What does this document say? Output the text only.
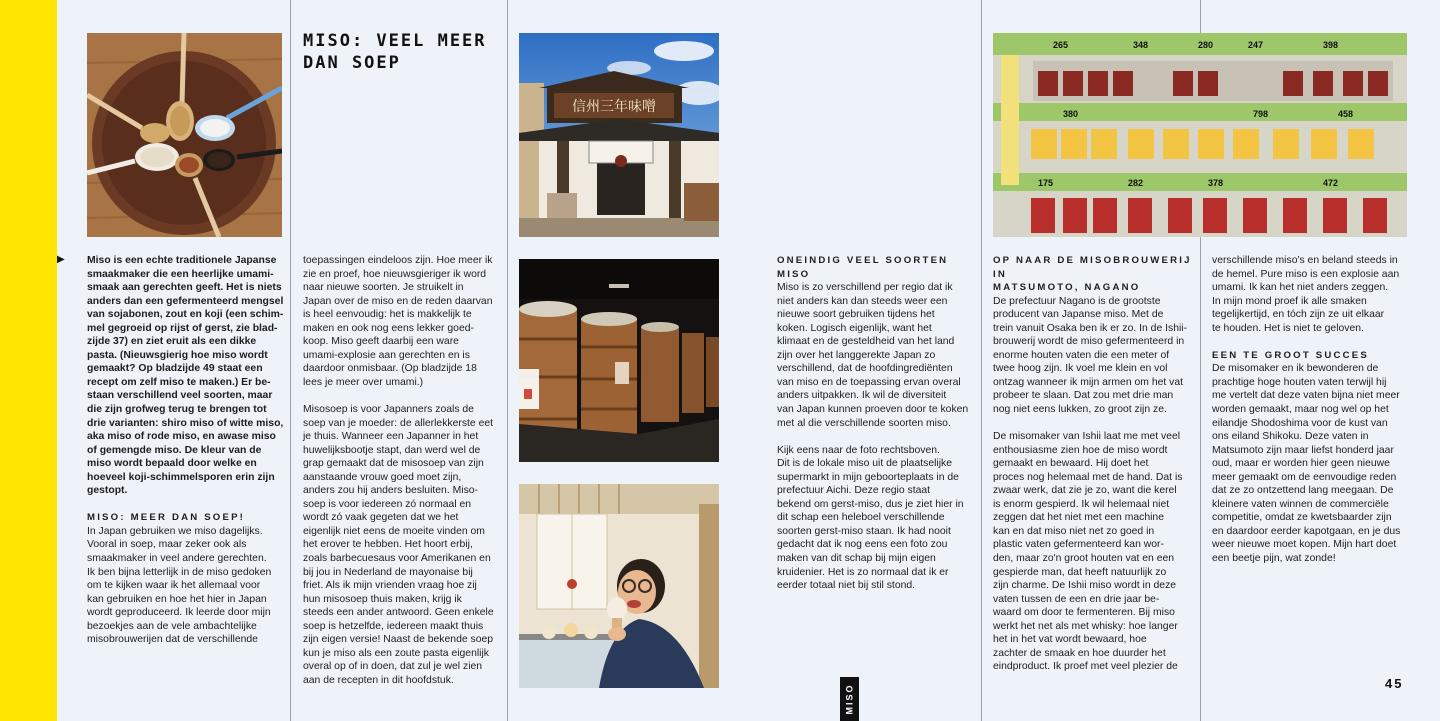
信州三年味噌
265	348	280	247	398
380	798	458
175	282	378	472
MISO: VEEL MEER
DAN SOEP
▶ Miso is een echte traditionele Japanse
smaakmaker die een heerlijke umami-
smaak aan gerechten geeft. Het is niets
anders dan een gefermenteerd mengsel
van sojabonen, zout en koji (een schim-
mel gegroeid op rijst of gerst, zie blad-
zijde 37) en ziet eruit als een dikke
pasta. (Nieuwsgierig hoe miso wordt
gemaakt? Op bladzijde 49 staat een
recept om zelf miso te maken.) Er be-
staan verschillend veel soorten, maar
die zijn grofweg terug te brengen tot
drie varianten: shiro miso of witte miso,
aka miso of rode miso, en awase miso
of gemengde miso. De kleur van de
miso wordt bepaald door welke en
hoeveel koji-schimmelsporen erin zijn
gestopt.

MISO: MEER DAN SOEP!

In Japan gebruiken we miso dagelijks.
Vooral in soep, maar zeker ook als
smaakmaker in veel andere gerechten.
Ik ben bijna letterlijk in de miso gedoken
om te kijken waar ik het allemaal voor
kan gebruiken en hoe het hier in Japan
wordt geproduceerd. Ik leerde door mijn
bezoekjes aan de vele ambachtelijke
misobrouwerijen dat de verschillende

toepassingen eindeloos zijn. Hoe meer ik
zie en proef, hoe nieuwsgieriger ik word
naar nieuwe soorten. Je struikelt in
Japan over de miso en de reden daarvan
is heel eenvoudig: het is makkelijk te
maken en ook nog eens lekker goed-
koop. Miso geeft daarbij een ware
umami-explosie aan gerechten en is
daardoor onmisbaar. (Op bladzijde 18
lees je meer over umami.)

Misosoep is voor Japanners zoals de
soep van je moeder: de allerlekkerste eet
je thuis. Wanneer een Japanner in het
huwelijksbootje stapt, dan werd wel de
grap gemaakt dat de misosoep van zijn
aanstaande vrouw goed moet zijn,
anders zou hij anders besluiten. Miso-
soep is voor iedereen zó normaal en
wordt zó vaak gegeten dat we het
eigenlijk niet eens de moeite vinden om
het erover te hebben. Het hoort erbij,
zoals barbecuesaus voor Amerikanen en
bij jou in Nederland de mayonaise bij
friet. Als ik mijn vrienden vraag hoe zij
hun misosoep thuis maken, krijg ik
steeds een ander antwoord. Geen enkele
soep is hetzelfde, iedereen maakt thuis
zijn eigen versie! Naast de bekende soep
kun je miso als een zoute pasta eigenlijk
overal op of in doen, dat zul je wel zien
aan de recepten in dit hoofdstuk.

ONEINDIG VEEL SOORTEN MISO

Miso is zo verschillend per regio dat ik
niet anders kan dan steeds weer een
nieuwe soort gebruiken tijdens het
koken. Logisch eigenlijk, want het
klimaat en de gesteldheid van het land
zijn over het langgerekte Japan zo
verschillend, dat de hoofdingrediënten
van miso en de toepassing ervan overal
anders uitpakken. Ik wil de diversiteit
van Japan kunnen proeven door te koken
met al die verschillende soorten miso.

Kijk eens naar de foto rechtsboven.
Dit is de lokale miso uit de plaatselijke
supermarkt in mijn geboorteplaats in de
prefectuur Aichi. Deze regio staat
bekend om gerst-miso, dus je ziet hier in
dit schap een heleboel verschillende
soorten gerst-miso staan. Ik had nooit
gedacht dat ik nog eens een foto zou
maken van dit schap bij mijn eigen
kruidenier. Het is zo normaal dat ik er
eerder totaal niet bij stil stond.

OP NAAR DE MISOBROUWERIJ IN
MATSUMOTO, NAGANO

De prefectuur Nagano is de grootste
producent van Japanse miso. Met de
trein vanuit Osaka ben ik er zo. In de Ishii-
brouwerij wordt de miso gefermenteerd in
enorme houten vaten die een meter of
twee hoog zijn. Ik voel me klein en vol
ontzag wanneer ik mijn armen om het vat
probeer te slaan. Dat zou met drie man
nog niet eens lukken, zo groot zijn ze.

De misomaker van Ishii laat me met veel
enthousiasme zien hoe de miso wordt
gemaakt en bewaard. Hij doet het
proces nog helemaal met de hand. Dat is
zwaar werk, dat zie je zo, want die kerel
is enorm gespierd. Ik wil helemaal niet
zeggen dat het niet met een machine
kan en dat miso niet net zo goed in
plastic vaten gefermenteerd kan wor-
den, maar zo'n groot houten vat en een
gespierde man, dat heeft natuurlijk zo
zijn charme. De Ishii miso wordt in deze
vaten tussen de een en drie jaar be-
waard om door te fermenteren. Bij miso
werkt het net als met whisky: hoe langer
het in het vat wordt bewaard, hoe
zachter de smaak en hoe duurder het
eindproduct. Ik proef met veel plezier de

verschillende miso's en beland steeds in
de hemel. Pure miso is een explosie aan
umami. Ik kan het niet anders zeggen.
In mijn mond proef ik alle smaken
tegelijkertijd, en tóch zijn ze uit elkaar
te houden. Het is niet te geloven.

EEN TE GROOT SUCCES

De misomaker en ik bewonderen de
prachtige hoge houten vaten terwijl hij
me vertelt dat deze vaten bijna niet meer
worden gemaakt, maar nog wel op het
eilandje Shodoshima voor de kust van
ons eiland Shikoku. Deze vaten in
Matsumoto zijn maar liefst honderd jaar
oud, maar er worden hier geen nieuwe
meer gemaakt om de eenvoudige reden
dat ze zo ontzettend lang meegaan. De
kleinere vaten winnen de commerciële
competitie, omdat ze kwetsbaarder zijn
en daardoor eerder kapotgaan, en je dus
weer nieuwe moet kopen. Mijn hart doet
een beetje pijn, wat zonde!

MISO	45
